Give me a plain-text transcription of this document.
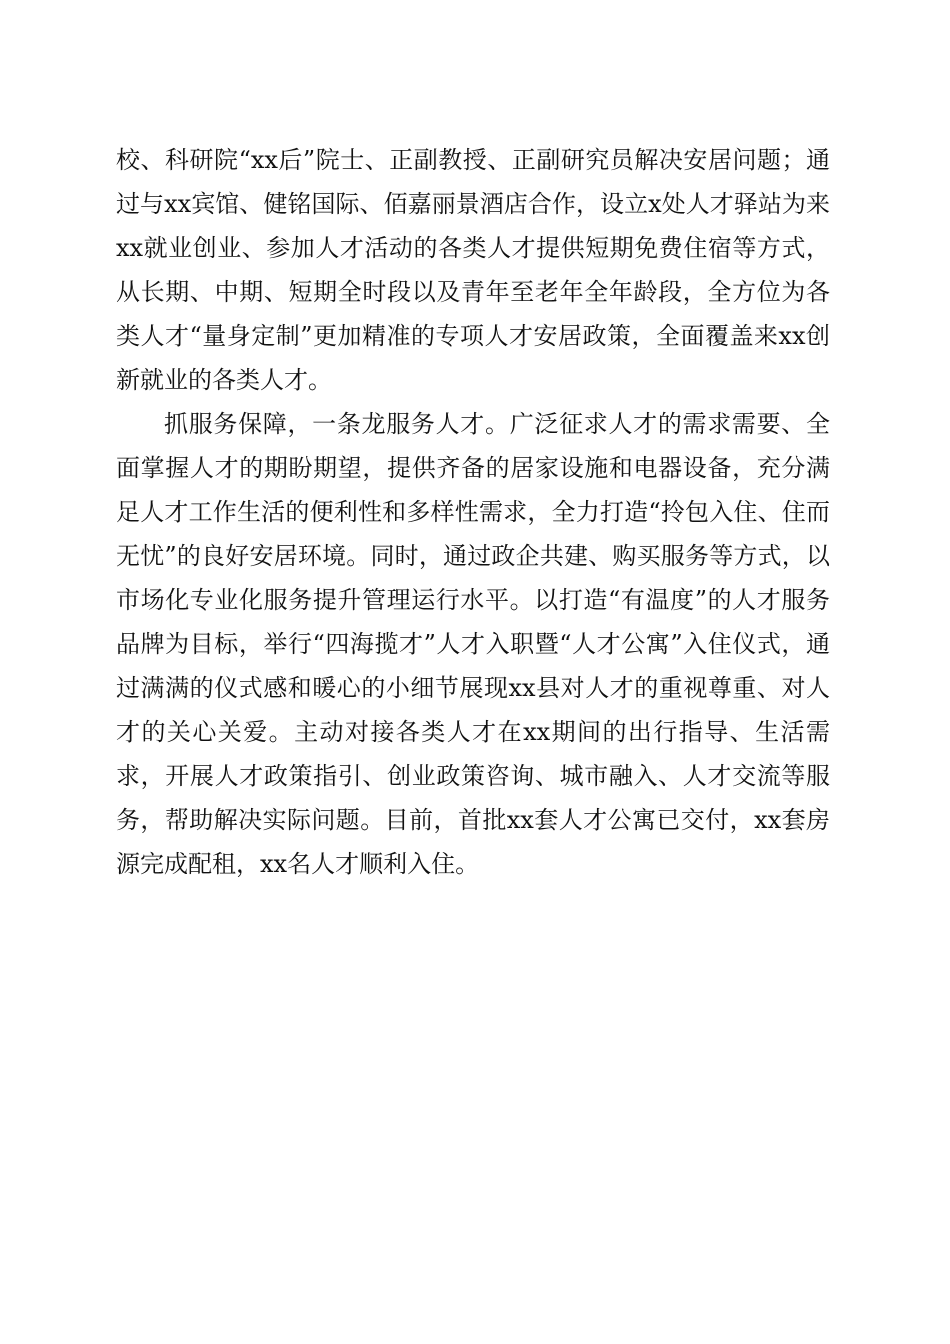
校、科研院“xx后”院士、正副教授、正副研究员解决安居问题；通过与xx宾馆、健铭国际、佰嘉丽景酒店合作，设立x处人才驿站为来xx就业创业、参加人才活动的各类人才提供短期免费住宿等方式，从长期、中期、短期全时段以及青年至老年全年龄段，全方位为各类人才“量身定制”更加精准的专项人才安居政策，全面覆盖来xx创新就业的各类人才。

抓服务保障，一条龙服务人才。广泛征求人才的需求需要、全面掌握人才的期盼期望，提供齐备的居家设施和电器设备，充分满足人才工作生活的便利性和多样性需求，全力打造“拎包入住、住而无忧”的良好安居环境。同时，通过政企共建、购买服务等方式，以市场化专业化服务提升管理运行水平。以打造“有温度”的人才服务品牌为目标，举行“四海揽才”人才入职暨“人才公寓”入住仪式，通过满满的仪式感和暖心的小细节展现xx县对人才的重视尊重、对人才的关心关爱。主动对接各类人才在xx期间的出行指导、生活需求，开展人才政策指引、创业政策咨询、城市融入、人才交流等服务，帮助解决实际问题。目前，首批xx套人才公寓已交付，xx套房源完成配租，xx名人才顺利入住。
